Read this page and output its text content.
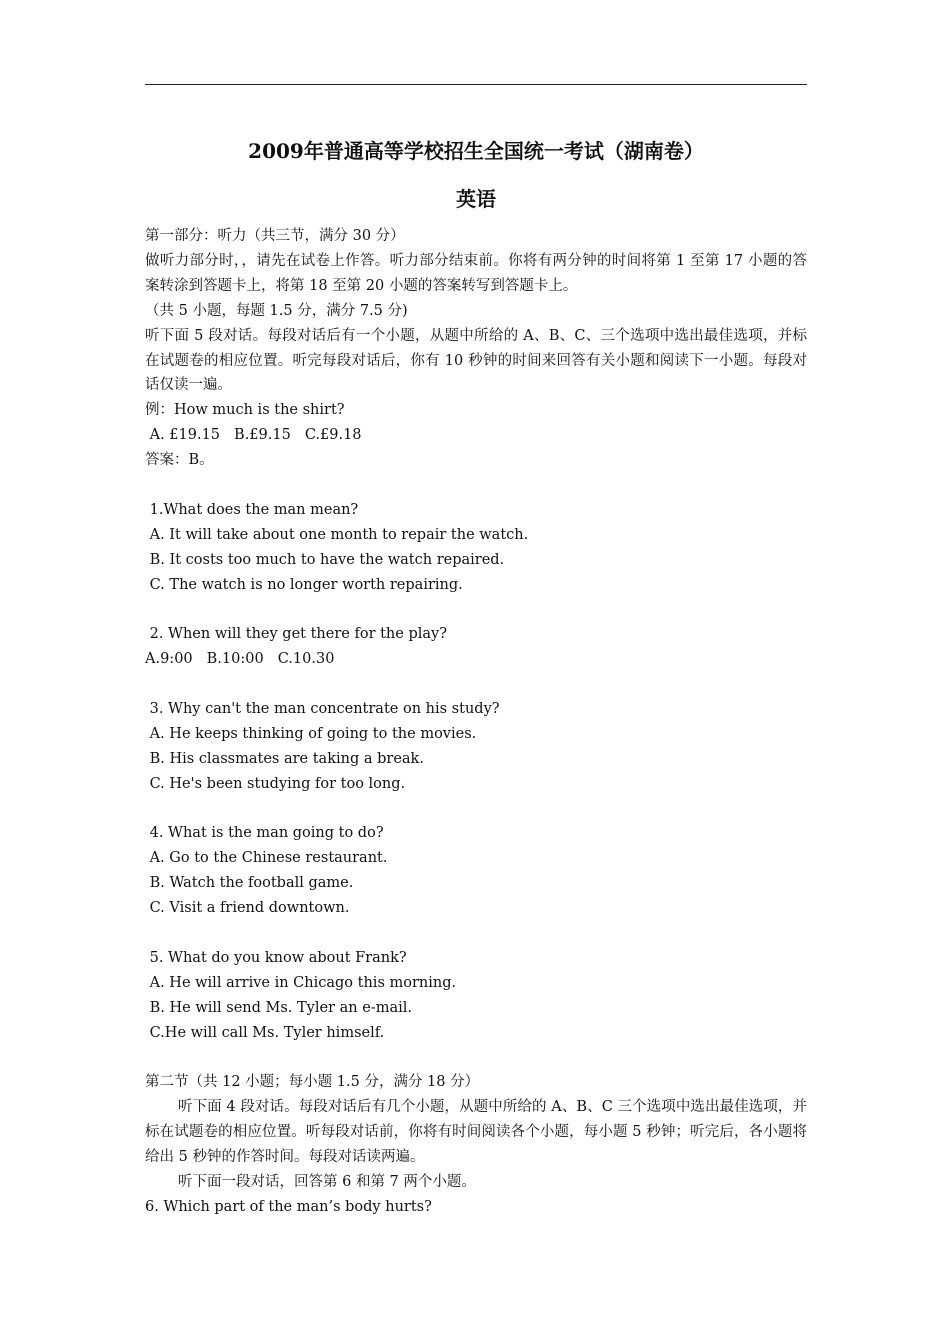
2009年普通高等学校招生全国统一考试（湖南卷）
英语
第一部分：听力（共三节，满分 30 分）
做听力部分时，，请先在试卷上作答。听力部分结束前。你将有两分钟的时间将第 1 至第 17 小题的答案转涂到答题卡上，将第 18 至第 20 小题的答案转写到答题卡上。
（共 5 小题，每题 1.5 分，满分 7.5 分)
听下面 5 段对话。每段对话后有一个小题，从题中所给的 A、B、C、三个选项中选出最佳选项，并标在试题卷的相应位置。听完每段对话后，你有 10 秒钟的时间来回答有关小题和阅读下一小题。每段对话仅读一遍。
例：How much is the shirt?
A. £19.15 B.£9.15 C.£9.18
答案：B。
1.What does the man mean?
A. It will take about one month to repair the watch.
B. It costs too much to have the watch repaired.
C. The watch is no longer worth repairing.
2. When will they get there for the play?
A.9:00 B.10:00 C.10.30
3. Why can't the man concentrate on his study?
A. He keeps thinking of going to the movies.
B. His classmates are taking a break.
C. He's been studying for too long.
4. What is the man going to do?
A. Go to the Chinese restaurant.
B. Watch the football game.
C. Visit a friend downtown.
5. What do you know about Frank?
A. He will arrive in Chicago this morning.
B. He will send Ms. Tyler an e-mail.
C.He will call Ms. Tyler himself.
第二节（共 12 小题；每小题 1.5 分，满分 18 分）
听下面 4 段对话。每段对话后有几个小题，从题中所给的 A、B、C 三个选项中选出最佳选项，并标在试题卷的相应位置。听每段对话前，你将有时间阅读各个小题，每小题 5 秒钟；听完后，各小题将给出 5 秒钟的作答时间。每段对话读两遍。
听下面一段对话，回答第 6 和第 7 两个小题。
6. Which part of the man’s body hurts?
